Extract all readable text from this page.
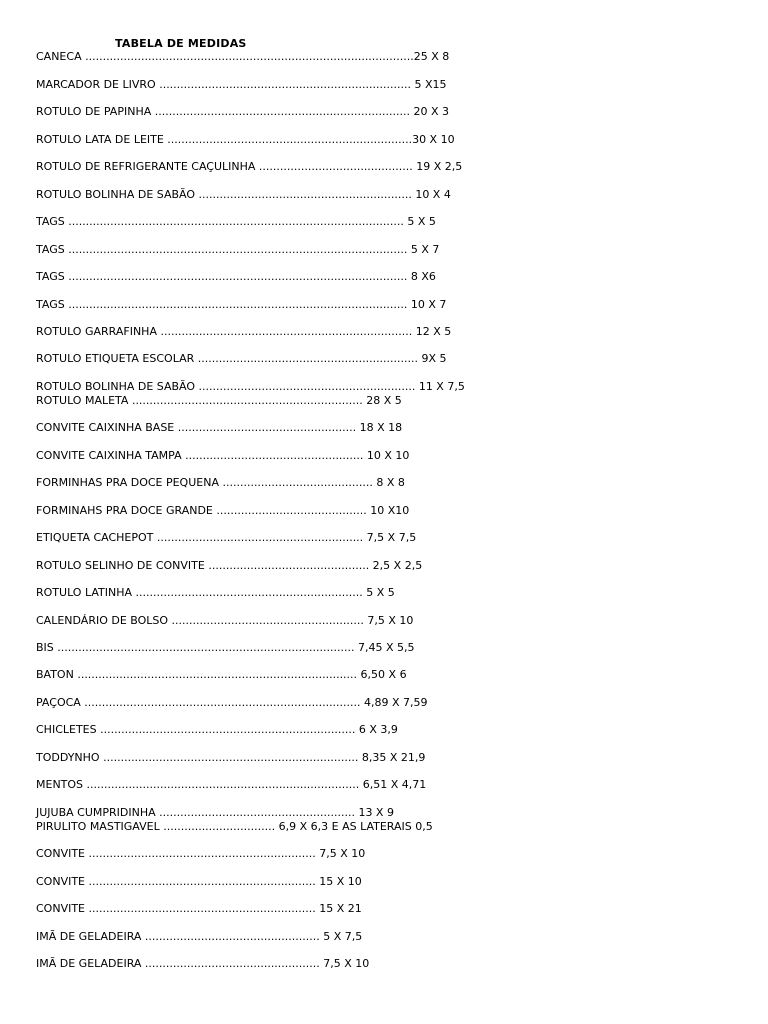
TABELA DE MEDIDAS
CANECA ..............................................................................................25 X 8
MARCADOR DE LIVRO ........................................................................ 5 X15
ROTULO DE PAPINHA ......................................................................... 20 X 3
ROTULO LATA DE LEITE ......................................................................30 X 10
ROTULO DE REFRIGERANTE CAÇULINHA ............................................ 19 X 2,5
ROTULO BOLINHA DE SABÃO ............................................................. 10 X 4
TAGS ................................................................................................ 5 X 5
TAGS ................................................................................................. 5 X 7
TAGS ................................................................................................. 8 X6
TAGS ................................................................................................. 10 X 7
ROTULO GARRAFINHA ........................................................................ 12 X 5
ROTULO ETIQUETA ESCOLAR ............................................................... 9X 5
ROTULO BOLINHA DE SABÃO .............................................................. 11 X 7,5
ROTULO MALETA .................................................................. 28 X 5
CONVITE CAIXINHA BASE ................................................... 18 X 18
CONVITE CAIXINHA TAMPA ................................................... 10 X 10
FORMINHAS PRA DOCE PEQUENA ........................................... 8 X 8
FORMINAHS PRA DOCE GRANDE ........................................... 10 X10
ETIQUETA CACHEPOT ........................................................... 7,5 X 7,5
ROTULO SELINHO DE CONVITE .............................................. 2,5 X 2,5
ROTULO LATINHA ................................................................. 5 X 5
CALENDÁRIO DE BOLSO ....................................................... 7,5 X 10
BIS ..................................................................................... 7,45 X 5,5
BATON ................................................................................ 6,50 X 6
PAÇOCA ............................................................................... 4,89 X 7,59
CHICLETES ......................................................................... 6 X 3,9
TODDYNHO ......................................................................... 8,35 X 21,9
MENTOS .............................................................................. 6,51 X 4,71
JUJUBA CUMPRIDINHA ........................................................ 13 X 9
PIRULITO MASTIGAVEL ................................ 6,9 X 6,3 E AS LATERAIS 0,5
CONVITE ................................................................. 7,5 X 10
CONVITE ................................................................. 15 X 10
CONVITE ................................................................. 15 X 21
IMÃ DE GELADEIRA .................................................. 5 X 7,5
IMÃ DE GELADEIRA .................................................. 7,5 X 10
